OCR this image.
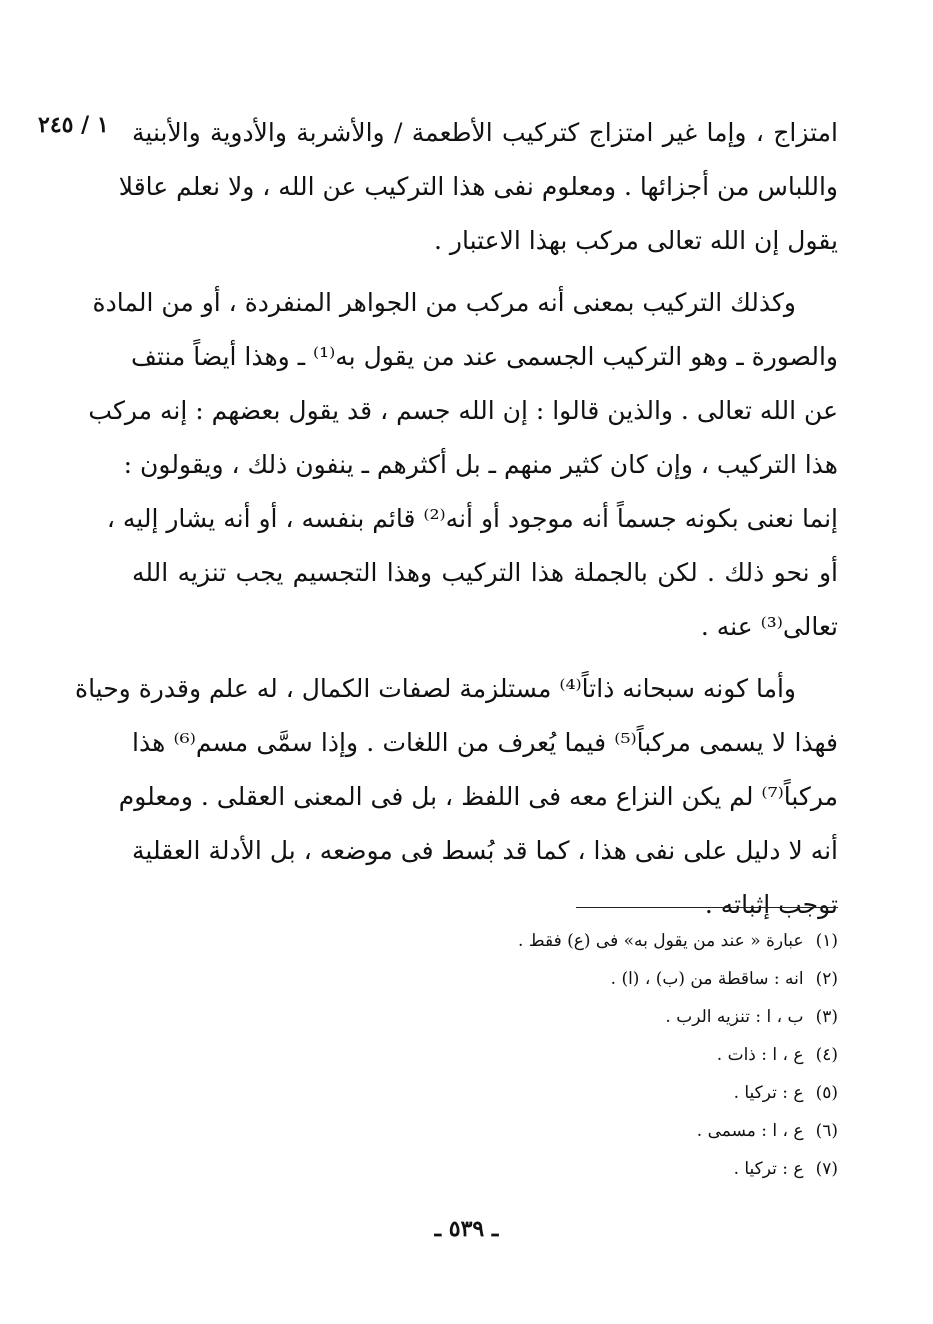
١ / ٢٤٥ امتزاج ، وإما غير امتزاج كتركيب الأطعمة / والأشربة والأدوية والأبنية
واللباس من أجزائها . ومعلوم نفى هذا التركيب عن الله ، ولا نعلم عاقلا
يقول إن الله تعالى مركب بهذا الاعتبار .
وكذلك التركيب بمعنى أنه مركب من الجواهر المنفردة ، أو من المادة
والصورة ـ وهو التركيب الجسمى عند من يقول به⁽¹⁾ ـ وهذا أيضاً منتف
عن الله تعالى . والذين قالوا : إن الله جسم ، قد يقول بعضهم : إنه مركب
هذا التركيب ، وإن كان كثير منهم ـ بل أكثرهم ـ ينفون ذلك ، ويقولون :
إنما نعنى بكونه جسماً أنه موجود أو أنه⁽²⁾ قائم بنفسه ، أو أنه يشار إليه ،
أو نحو ذلك . لكن بالجملة هذا التركيب وهذا التجسيم يجب تنزيه الله
تعالى⁽³⁾ عنه .
وأما كونه سبحانه ذاتاً⁽⁴⁾ مستلزمة لصفات الكمال ، له علم وقدرة وحياة
فهذا لا يسمى مركباً⁽⁵⁾ فيما يُعرف من اللغات . وإذا سمَّى مسم⁽⁶⁾ هذا
مركباً⁽⁷⁾ لم يكن النزاع معه فى اللفظ ، بل فى المعنى العقلى . ومعلوم
أنه لا دليل على نفى هذا ، كما قد بُسط فى موضعه ، بل الأدلة العقلية
توجب إثباته .
(١)عبارة « عند من يقول به» فى (ع) فقط .
(٢)انه : ساقطة من (ب) ، (ا) .
(٣)ب ، ا : تنزيه الرب .
(٤)ع ، ا : ذات .
(٥)ع : تركيا .
(٦)ع ، ا : مسمى .
(٧)ع : تركيا .
ـ ٥٣٩ ـ
